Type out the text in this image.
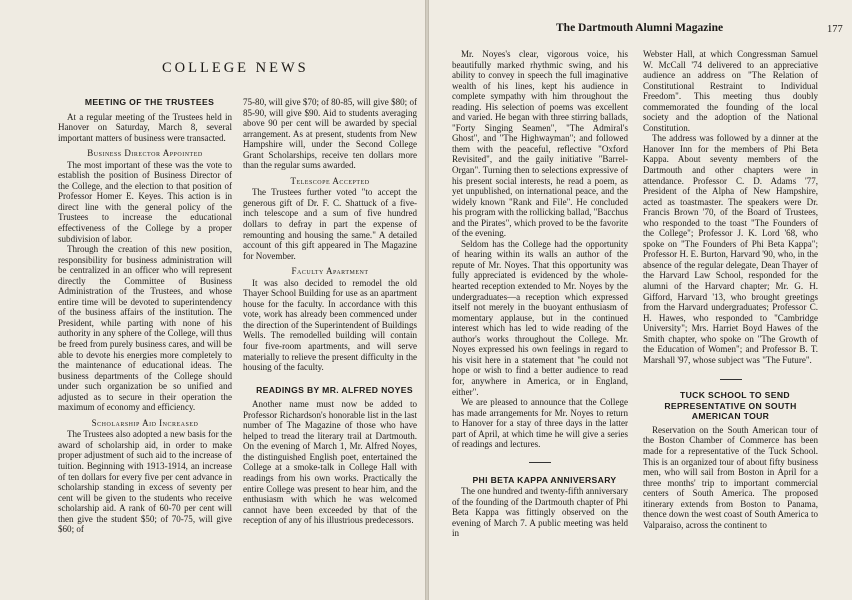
COLLEGE NEWS

MEETING OF THE TRUSTEES

At a regular meeting of the Trustees held in Hanover on Saturday, March 8, several important matters of business were transacted.

Business Director Appointed

The most important of these was the vote to establish the position of Business Director of the College, and the election to that position of Professor Homer E. Keyes. This action is in direct line with the general policy of the Trustees to increase the educational effectiveness of the College by a proper subdivision of labor.

Through the creation of this new position, responsibility for business administration will be centralized in an officer who will represent directly the Committee of Business Administration of the Trustees, and whose entire time will be devoted to superintendency of the business affairs of the institution. The President, while parting with none of his authority in any sphere of the College, will thus be freed from purely business cares, and will be able to devote his energies more completely to the maintenance of educational ideas. The business departments of the College should under such organization be so unified and adjusted as to secure in their operation the maximum of economy and efficiency.

Scholarship Aid Increased

The Trustees also adopted a new basis for the award of scholarship aid, in order to make proper adjustment of such aid to the increase of tuition. Beginning with 1913-1914, an increase of ten dollars for every five per cent advance in scholarship standing in excess of seventy per cent will be given to the students who receive scholarship aid. A rank of 60-70 per cent will then give the student $50; of 70-75, will give $60; of

75-80, will give $70; of 80-85, will give $80; of 85-90, will give $90. Aid to students averaging above 90 per cent will be awarded by special arrangement. As at present, students from New Hampshire will, under the Second College Grant Scholarships, receive ten dollars more than the regular sums awarded.

Telescope Accepted

The Trustees further voted "to accept the generous gift of Dr. F. C. Shattuck of a five-inch telescope and a sum of five hundred dollars to defray in part the expense of remounting and housing the same." A detailed account of this gift appeared in The Magazine for November.

Faculty Apartment

It was also decided to remodel the old Thayer School Building for use as an apartment house for the faculty. In accordance with this vote, work has already been commenced under the direction of the Superintendent of Buildings Wells. The remodelled building will contain four five-room apartments, and will serve materially to relieve the present difficulty in the housing of the faculty.

READINGS BY MR. ALFRED NOYES

Another name must now be added to Professor Richardson's honorable list in the last number of The Magazine of those who have helped to tread the literary trail at Dartmouth. On the evening of March 1, Mr. Alfred Noyes, the distinguished English poet, entertained the College at a smoke-talk in College Hall with readings from his own works. Practically the entire College was present to hear him, and the enthusiasm with which he was welcomed cannot have been exceeded by that of the reception of any of his illustrious predecessors.

The Dartmouth Alumni Magazine	177

Mr. Noyes's clear, vigorous voice, his beautifully marked rhythmic swing, and his ability to convey in speech the full imaginative wealth of his lines, kept his audience in complete sympathy with him throughout the reading. His selection of poems was excellent and varied. He began with three stirring ballads, "Forty Singing Seamen", "The Admiral's Ghost", and "The Highwayman"; and followed them with the peaceful, reflective "Oxford Revisited", and the gaily initiative "Barrel-Organ". Turning then to selections expressive of his present social interests, he read a poem, as yet unpublished, on international peace, and the widely known "Rank and File". He concluded his program with the rollicking ballad, "Bacchus and the Pirates", which proved to be the favorite of the evening.

Seldom has the College had the opportunity of hearing within its walls an author of the repute of Mr. Noyes. That this opportunity was fully appreciated is evidenced by the whole-hearted reception extended to Mr. Noyes by the undergraduates—a reception which expressed itself not merely in the buoyant enthusiasm of momentary applause, but in the continued interest which has led to wide reading of the author's works throughout the College. Mr. Noyes expressed his own feelings in regard to his visit here in a statement that "he could not hope or wish to find a better audience to read for, anywhere in America, or in England, either".

We are pleased to announce that the College has made arrangements for Mr. Noyes to return to Hanover for a stay of three days in the latter part of April, at which time he will give a series of readings and lectures.

PHI BETA KAPPA ANNIVERSARY

The one hundred and twenty-fifth anniversary of the founding of the Dartmouth chapter of Phi Beta Kappa was fittingly observed on the evening of March 7. A public meeting was held in

Webster Hall, at which Congressman Samuel W. McCall '74 delivered to an appreciative audience an address on "The Relation of Constitutional Restraint to Individual Freedom". This meeting thus doubly commemorated the founding of the local society and the adoption of the National Constitution.

The address was followed by a dinner at the Hanover Inn for the members of Phi Beta Kappa. About seventy members of the Dartmouth and other chapters were in attendance. Professor C. D. Adams '77, President of the Alpha of New Hampshire, acted as toastmaster. The speakers were Dr. Francis Brown '70, of the Board of Trustees, who responded to the toast "The Founders of the College"; Professor J. K. Lord '68, who spoke on "The Founders of Phi Beta Kappa"; Professor H. E. Burton, Harvard '90, who, in the absence of the regular delegate, Dean Thayer of the Harvard Law School, responded for the alumni of the Harvard chapter; Mr. G. H. Gifford, Harvard '13, who brought greetings from the Harvard undergraduates; Professor C. H. Hawes, who responded to "Cambridge University"; Mrs. Harriet Boyd Hawes of the Smith chapter, who spoke on "The Growth of the Education of Women"; and Professor B. T. Marshall '97, whose subject was "The Future".

TUCK SCHOOL TO SEND REPRESENTATIVE ON SOUTH AMERICAN TOUR

Reservation on the South American tour of the Boston Chamber of Commerce has been made for a representative of the Tuck School. This is an organized tour of about fifty business men, who will sail from Boston in April for a three months' trip to important commercial centers of South America. The proposed itinerary extends from Boston to Panama, thence down the west coast of South America to Valparaiso, across the continent to
